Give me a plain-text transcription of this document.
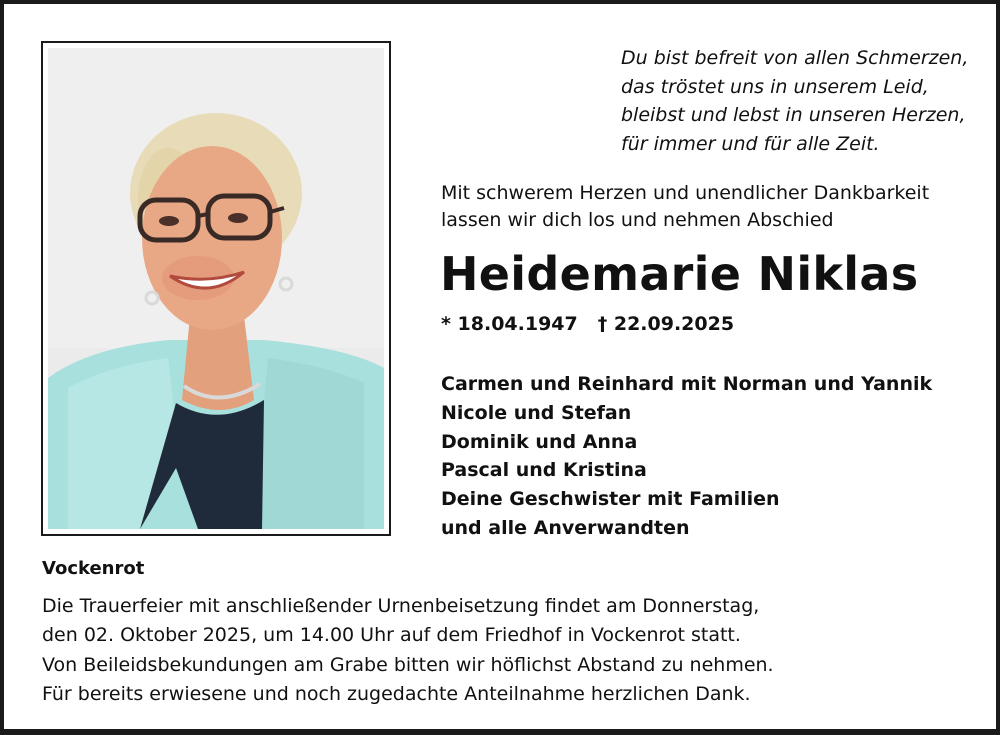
Du bist befreit von allen Schmerzen,
das tröstet uns in unserem Leid,
bleibst und lebst in unseren Herzen,
für immer und für alle Zeit.
Mit schwerem Herzen und unendlicher Dankbarkeit
lassen wir dich los und nehmen Abschied
Heidemarie Niklas
* 18.04.1947 † 22.09.2025
Carmen und Reinhard mit Norman und Yannik
Nicole und Stefan
Dominik und Anna
Pascal und Kristina
Deine Geschwister mit Familien
und alle Anverwandten
Vockenrot
Die Trauerfeier mit anschließender Urnenbeisetzung findet am Donnerstag,
den 02. Oktober 2025, um 14.00 Uhr auf dem Friedhof in Vockenrot statt.
Von Beileidsbekundungen am Grabe bitten wir höflichst Abstand zu nehmen.
Für bereits erwiesene und noch zugedachte Anteilnahme herzlichen Dank.
